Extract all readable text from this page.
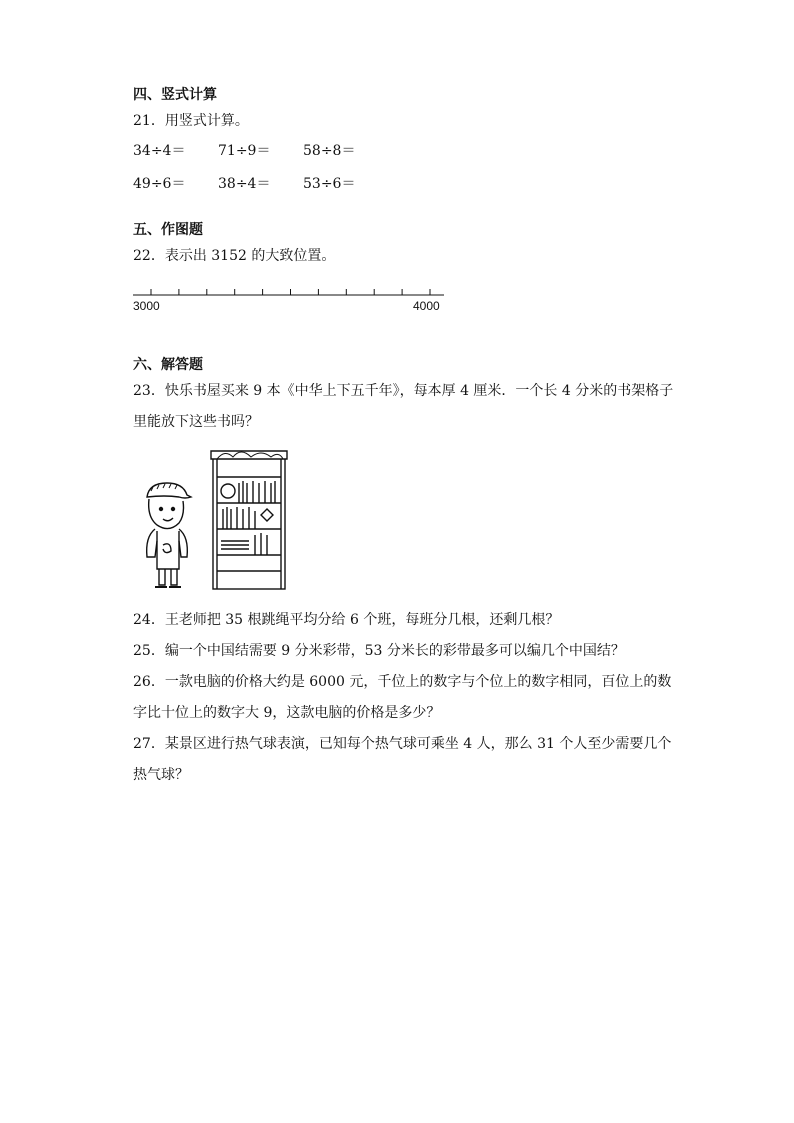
四、竖式计算
21．用竖式计算。
34÷4＝ 71÷9＝ 58÷8＝
49÷6＝ 38÷4＝ 53÷6＝
五、作图题
22．表示出 3152 的大致位置。
3000	4000
六、解答题
23．快乐书屋买来 9 本《中华上下五千年》，每本厚 4 厘米．一个长 4 分米的书架格子
里能放下这些书吗？
24．王老师把 35 根跳绳平均分给 6 个班，每班分几根，还剩几根？
25．编一个中国结需要 9 分米彩带，53 分米长的彩带最多可以编几个中国结？
26．一款电脑的价格大约是 6000 元，千位上的数字与个位上的数字相同，百位上的数
字比十位上的数字大 9，这款电脑的价格是多少？
27．某景区进行热气球表演，已知每个热气球可乘坐 4 人，那么 31 个人至少需要几个
热气球？
